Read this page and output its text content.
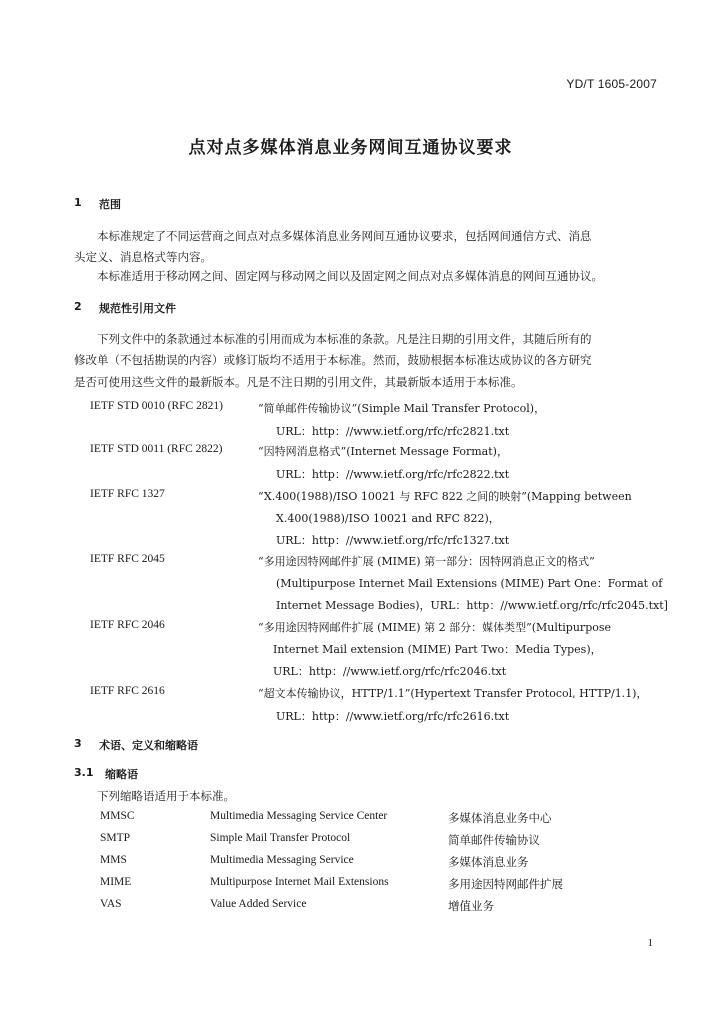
YD/T 1605-2007
点对点多媒体消息业务网间互通协议要求
1 范围
本标准规定了不同运营商之间点对点多媒体消息业务网间互通协议要求，包括网间通信方式、消息
头定义、消息格式等内容。
本标准适用于移动网之间、固定网与移动网之间以及固定网之间点对点多媒体消息的网间互通协议。
2 规范性引用文件
下列文件中的条款通过本标准的引用而成为本标准的条款。凡是注日期的引用文件，其随后所有的
修改单（不包括勘误的内容）或修订版均不适用于本标准。然而，鼓励根据本标准达成协议的各方研究
是否可使用这些文件的最新版本。凡是不注日期的引用文件，其最新版本适用于本标准。
IETF STD 0010 (RFC 2821)	“简单邮件传输协议”(Simple Mail Transfer Protocol)，
URL：http：//www.ietf.org/rfc/rfc2821.txt
IETF STD 0011 (RFC 2822)	“因特网消息格式”(Internet Message Format)，
URL：http：//www.ietf.org/rfc/rfc2822.txt
IETF RFC 1327	“X.400(1988)/ISO 10021 与 RFC 822 之间的映射”(Mapping between
X.400(1988)/ISO 10021 and RFC 822)，
URL：http：//www.ietf.org/rfc/rfc1327.txt
IETF RFC 2045	“多用途因特网邮件扩展 (MIME) 第一部分：因特网消息正文的格式”
(Multipurpose Internet Mail Extensions (MIME) Part One：Format of
Internet Message Bodies)，URL：http：//www.ietf.org/rfc/rfc2045.txt]
IETF RFC 2046	“多用途因特网邮件扩展 (MIME) 第 2 部分：媒体类型”(Multipurpose
Internet Mail extension (MIME) Part Two：Media Types)，
URL：http：//www.ietf.org/rfc/rfc2046.txt
IETF RFC 2616	“超文本传输协议，HTTP/1.1”(Hypertext Transfer Protocol, HTTP/1.1)，
URL：http：//www.ietf.org/rfc/rfc2616.txt
3 术语、定义和缩略语
3.1 缩略语
下列缩略语适用于本标准。
MMSC	Multimedia Messaging Service Center	多媒体消息业务中心
SMTP	Simple Mail Transfer Protocol	简单邮件传输协议
MMS	Multimedia Messaging Service	多媒体消息业务
MIME	Multipurpose Internet Mail Extensions	多用途因特网邮件扩展
VAS	Value Added Service	增值业务
1
